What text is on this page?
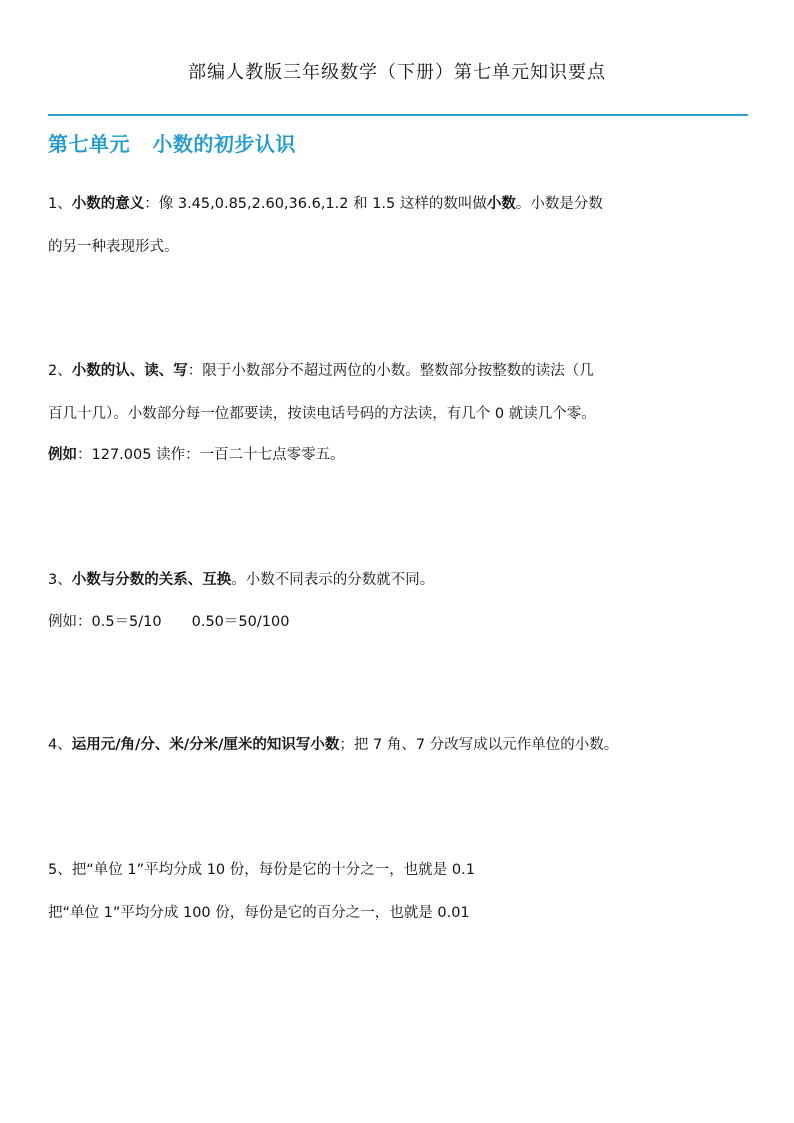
部编人教版三年级数学（下册）第七单元知识要点
第七单元   小数的初步认识
1、小数的意义：像 3.45,0.85,2.60,36.6,1.2 和 1.5 这样的数叫做小数。小数是分数
的另一种表现形式。
2、小数的认、读、写：限于小数部分不超过两位的小数。整数部分按整数的读法（几
百几十几）。小数部分每一位都要读，按读电话号码的方法读，有几个 0 就读几个零。
例如：127.005 读作：一百二十七点零零五。
3、小数与分数的关系、互换。小数不同表示的分数就不同。
例如：0.5＝5/10 0.50＝50/100
4、运用元/角/分、米/分米/厘米的知识写小数；把 7 角、7 分改写成以元作单位的小数。
5、把“单位 1”平均分成 10 份，每份是它的十分之一，也就是 0.1
把“单位 1”平均分成 100 份，每份是它的百分之一，也就是 0.01
